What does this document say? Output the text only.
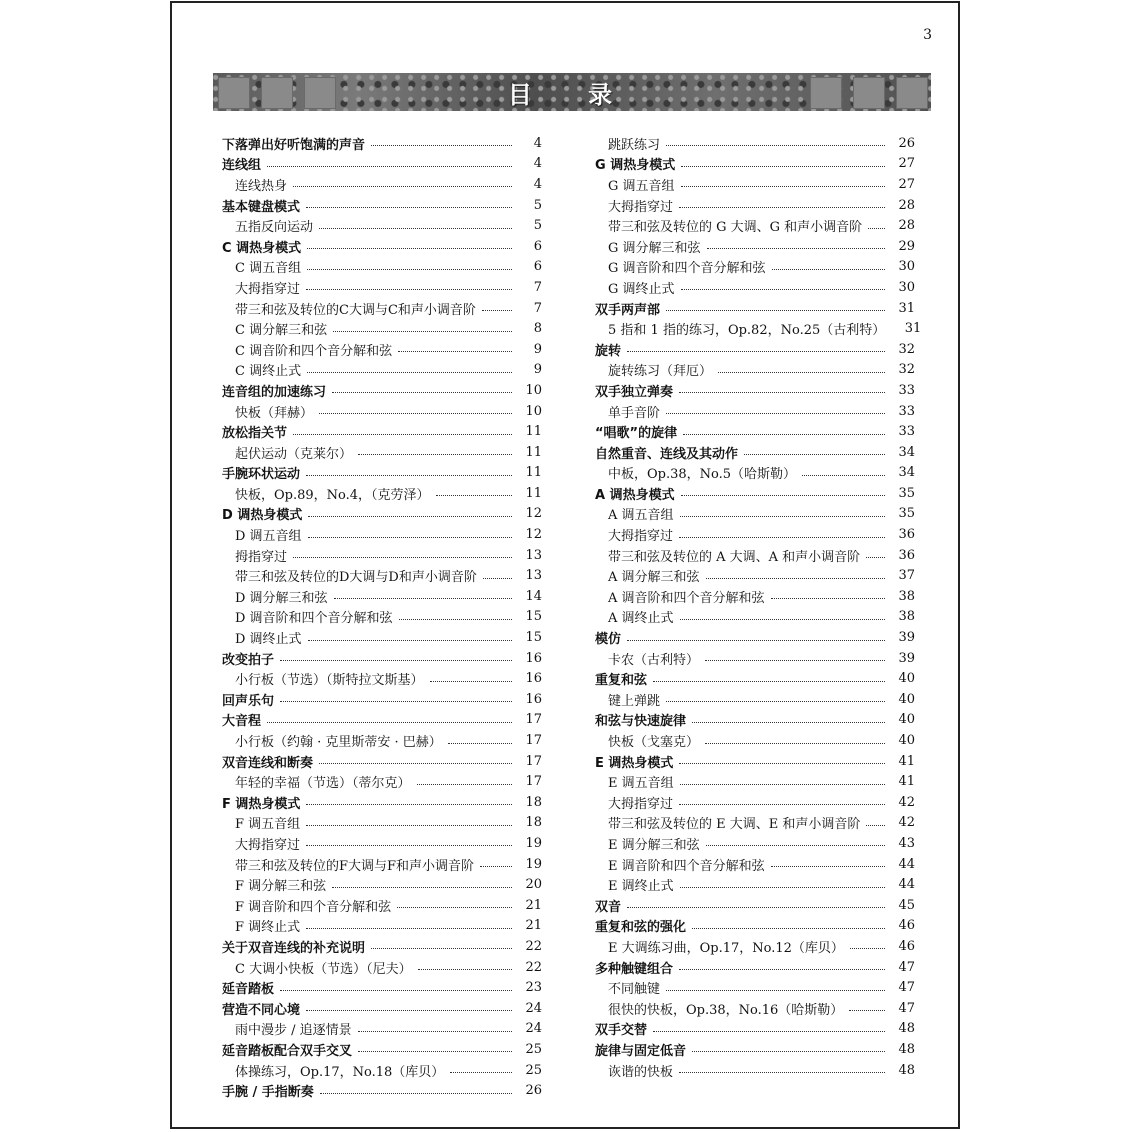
3
目 录
下落弹出好听饱满的声音	4
连线组	4
连线热身	4
基本键盘模式	5
五指反向运动	5
C 调热身模式	6
C 调五音组	6
大拇指穿过	7
带三和弦及转位的C大调与C和声小调音阶	7
C 调分解三和弦	8
C 调音阶和四个音分解和弦	9
C 调终止式	9
连音组的加速练习	10
快板（拜赫）	10
放松指关节	11
起伏运动（克莱尔）	11
手腕环状运动	11
快板，Op.89，No.4，（克劳泽）	11
D 调热身模式	12
D 调五音组	12
拇指穿过	13
带三和弦及转位的D大调与D和声小调音阶	13
D 调分解三和弦	14
D 调音阶和四个音分解和弦	15
D 调终止式	15
改变拍子	16
小行板（节选）（斯特拉文斯基）	16
回声乐句	16
大音程	17
小行板（约翰 · 克里斯蒂安 · 巴赫）	17
双音连线和断奏	17
年轻的幸福（节选）（蒂尔克）	17
F 调热身模式	18
F 调五音组	18
大拇指穿过	19
带三和弦及转位的F大调与F和声小调音阶	19
F 调分解三和弦	20
F 调音阶和四个音分解和弦	21
F 调终止式	21
关于双音连线的补充说明	22
C 大调小快板（节选）（尼夫）	22
延音踏板	23
营造不同心境	24
雨中漫步 / 追逐情景	24
延音踏板配合双手交叉	25
体操练习，Op.17，No.18（库贝）	25
手腕 / 手指断奏	26
跳跃练习	26
G 调热身模式	27
G 调五音组	27
大拇指穿过	28
带三和弦及转位的 G 大调、G 和声小调音阶	28
G 调分解三和弦	29
G 调音阶和四个音分解和弦	30
G 调终止式	30
双手两声部	31
5 指和 1 指的练习，Op.82，No.25（古利特）	31
旋转	32
旋转练习（拜厄）	32
双手独立弹奏	33
单手音阶	33
“唱歌”的旋律	33
自然重音、连线及其动作	34
中板，Op.38，No.5（哈斯勒）	34
A 调热身模式	35
A 调五音组	35
大拇指穿过	36
带三和弦及转位的 A 大调、A 和声小调音阶	36
A 调分解三和弦	37
A 调音阶和四个音分解和弦	38
A 调终止式	38
模仿	39
卡农（古利特）	39
重复和弦	40
键上弹跳	40
和弦与快速旋律	40
快板（戈塞克）	40
E 调热身模式	41
E 调五音组	41
大拇指穿过	42
带三和弦及转位的 E 大调、E 和声小调音阶	42
E 调分解三和弦	43
E 调音阶和四个音分解和弦	44
E 调终止式	44
双音	45
重复和弦的强化	46
E 大调练习曲，Op.17，No.12（库贝）	46
多种触键组合	47
不同触键	47
很快的快板，Op.38，No.16（哈斯勒）	47
双手交替	48
旋律与固定低音	48
诙谐的快板	48
